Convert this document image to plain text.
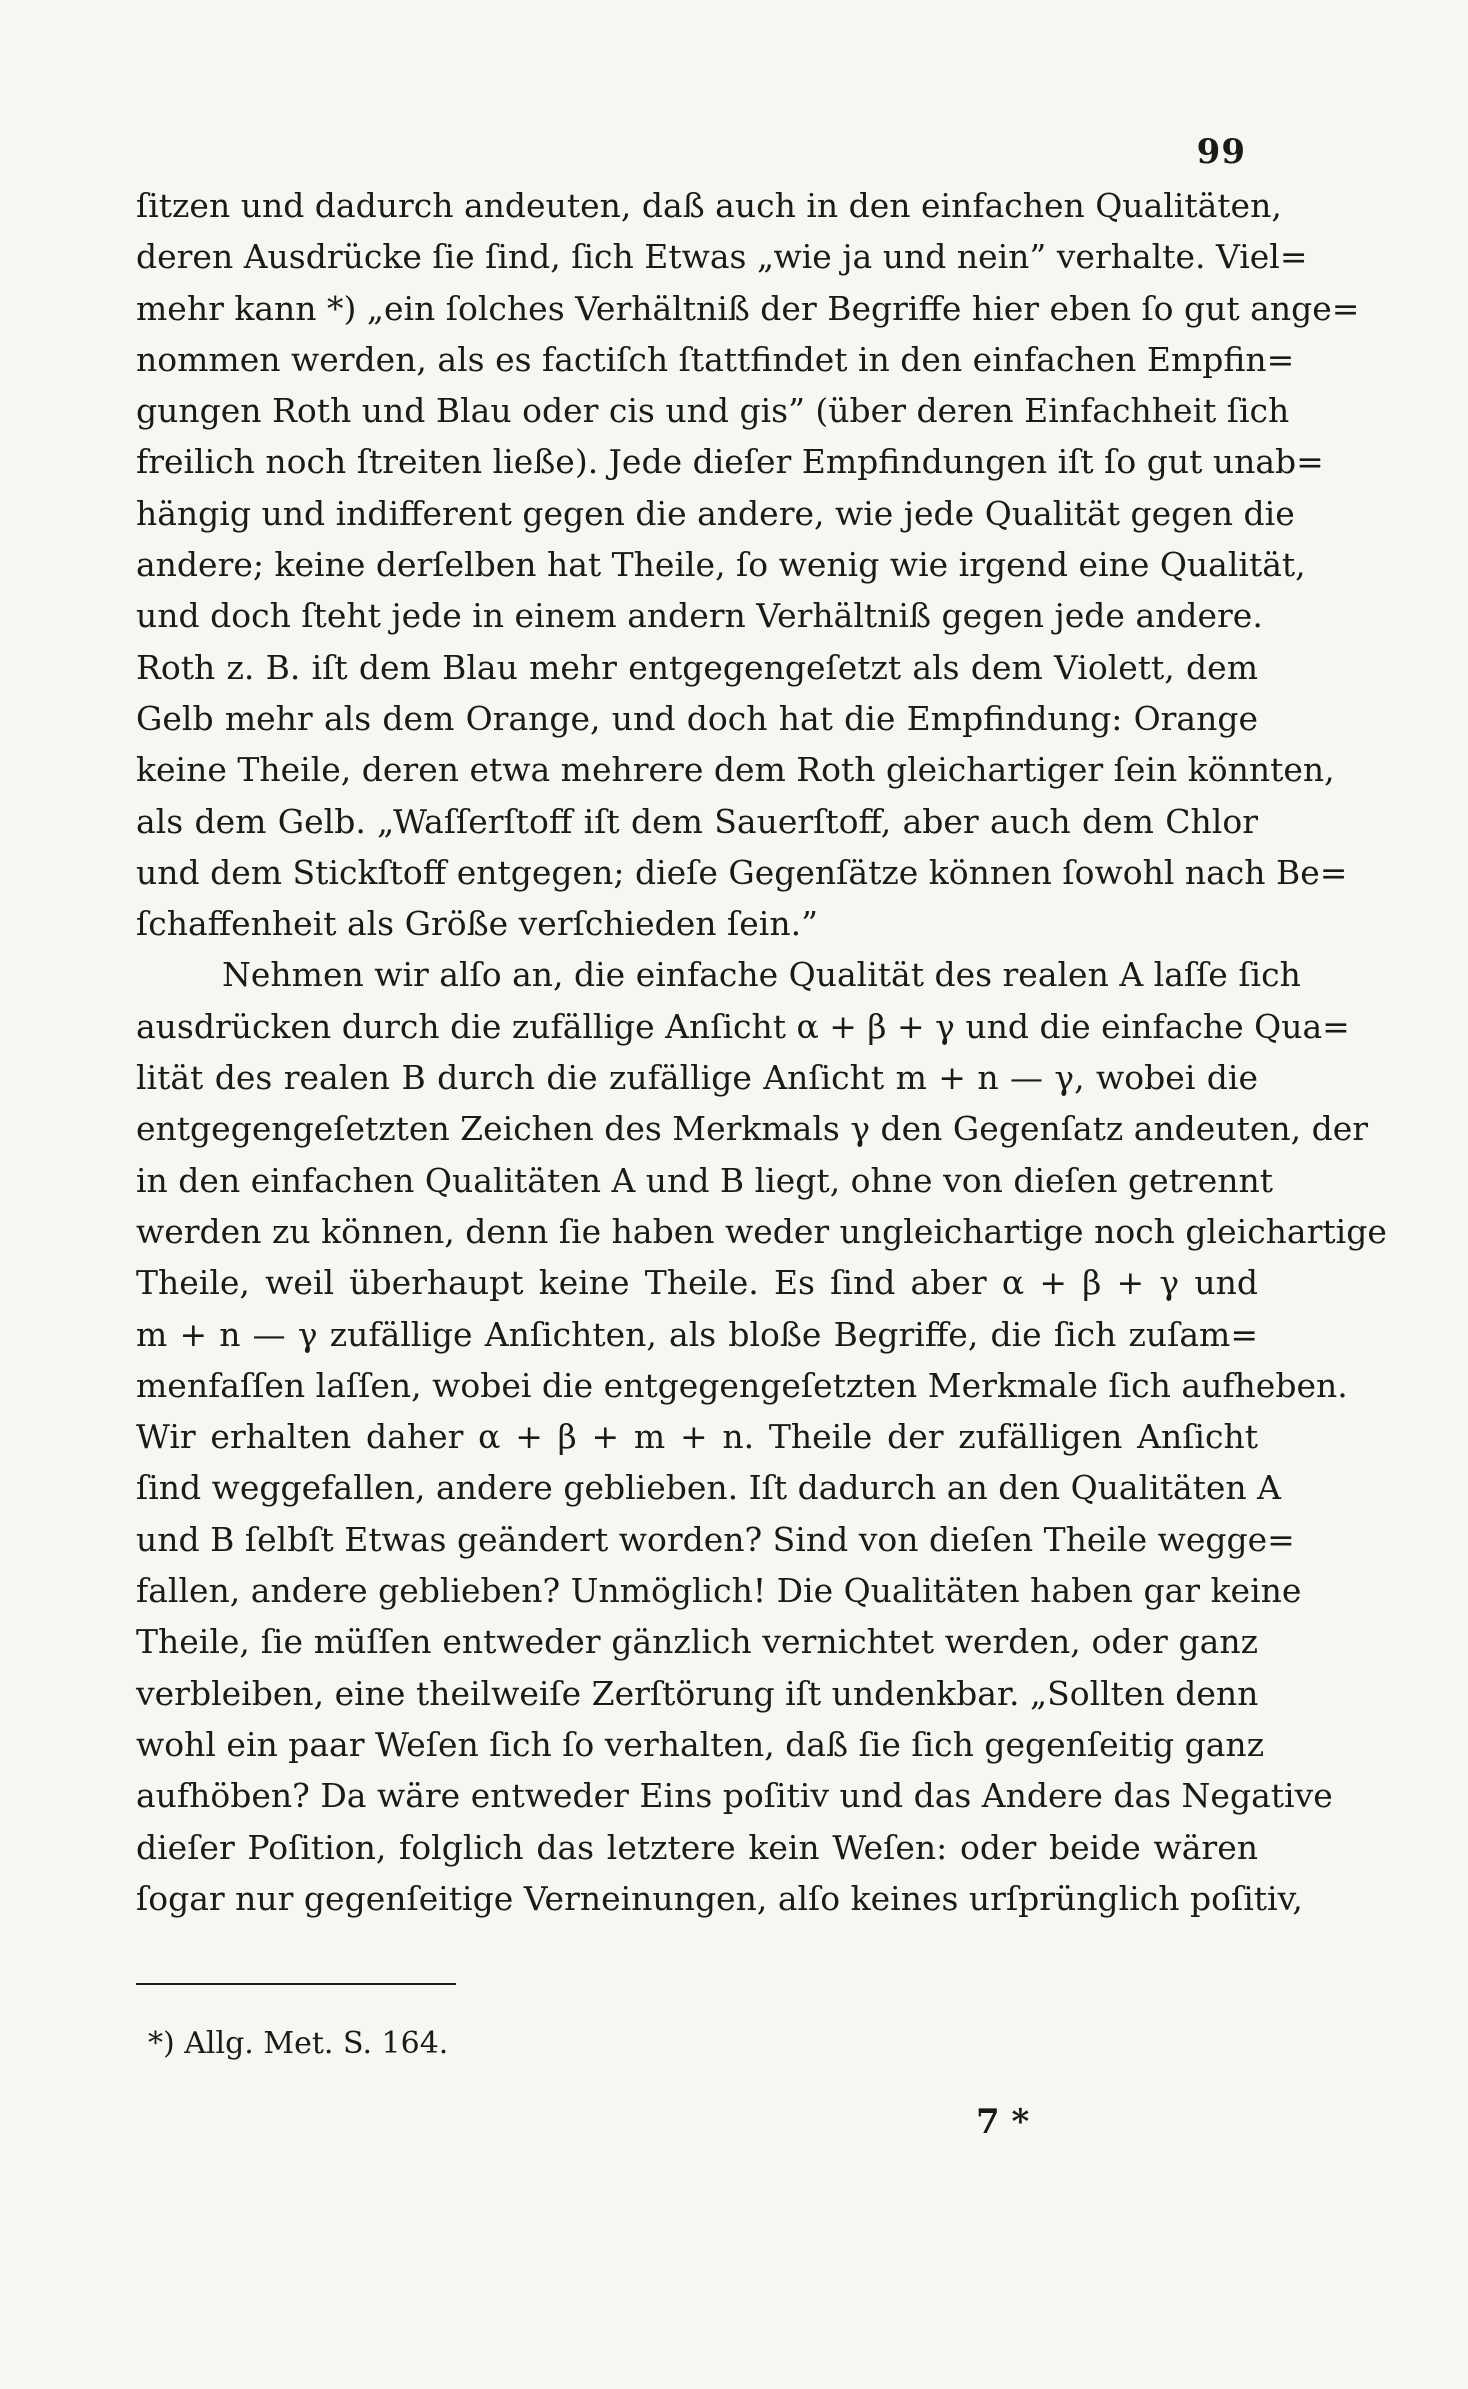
99
ſitzen und dadurch andeuten, daß auch in den einfachen Qualitäten,
deren Ausdrücke ſie ſind, ſich Etwas „wie ja und nein” verhalte. Viel=
mehr kann *) „ein ſolches Verhältniß der Begriffe hier eben ſo gut ange=
nommen werden, als es factiſch ſtattfindet in den einfachen Empfin=
gungen Roth und Blau oder cis und gis” (über deren Einfachheit ſich
freilich noch ſtreiten ließe). Jede dieſer Empfindungen iſt ſo gut unab=
hängig und indifferent gegen die andere, wie jede Qualität gegen die
andere; keine derſelben hat Theile, ſo wenig wie irgend eine Qualität,
und doch ſteht jede in einem andern Verhältniß gegen jede andere.
Roth z. B. iſt dem Blau mehr entgegengeſetzt als dem Violett, dem
Gelb mehr als dem Orange, und doch hat die Empfindung: Orange
keine Theile, deren etwa mehrere dem Roth gleichartiger ſein könnten,
als dem Gelb. „Waſſerſtoff iſt dem Sauerſtoff, aber auch dem Chlor
und dem Stickſtoff entgegen; dieſe Gegenſätze können ſowohl nach Be=
ſchaffenheit als Größe verſchieden ſein.”
Nehmen wir alſo an, die einfache Qualität des realen A laſſe ſich
ausdrücken durch die zufällige Anſicht α + β + γ und die einfache Qua=
lität des realen B durch die zufällige Anſicht m + n — γ, wobei die
entgegengeſetzten Zeichen des Merkmals γ den Gegenſatz andeuten, der
in den einfachen Qualitäten A und B liegt, ohne von dieſen getrennt
werden zu können, denn ſie haben weder ungleichartige noch gleichartige
Theile, weil überhaupt keine Theile. Es ſind aber α + β + γ und
m + n — γ zufällige Anſichten, als bloße Begriffe, die ſich zuſam=
menfaſſen laſſen, wobei die entgegengeſetzten Merkmale ſich aufheben.
Wir erhalten daher α + β + m + n. Theile der zufälligen Anſicht
ſind weggefallen, andere geblieben. Iſt dadurch an den Qualitäten A
und B ſelbſt Etwas geändert worden? Sind von dieſen Theile wegge=
fallen, andere geblieben? Unmöglich! Die Qualitäten haben gar keine
Theile, ſie müſſen entweder gänzlich vernichtet werden, oder ganz
verbleiben, eine theilweiſe Zerſtörung iſt undenkbar. „Sollten denn
wohl ein paar Weſen ſich ſo verhalten, daß ſie ſich gegenſeitig ganz
aufhöben? Da wäre entweder Eins poſitiv und das Andere das Negative
dieſer Poſition, folglich das letztere kein Weſen: oder beide wären
ſogar nur gegenſeitige Verneinungen, alſo keines urſprünglich poſitiv,
*) Allg. Met. S. 164.
7 *
